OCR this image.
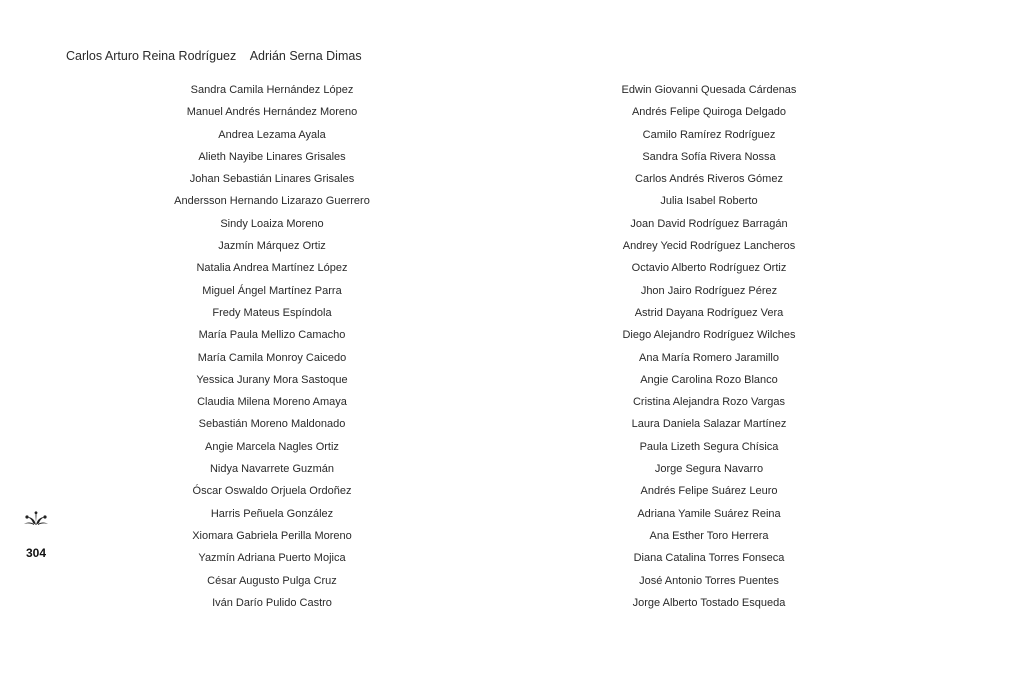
Carlos Arturo Reina Rodríguez Adrián Serna Dimas
Sandra Camila Hernández López
Manuel Andrés Hernández Moreno
Andrea Lezama Ayala
Alieth Nayibe Linares Grisales
Johan Sebastián Linares Grisales
Andersson Hernando Lizarazo Guerrero
Sindy Loaiza Moreno
Jazmín Márquez Ortiz
Natalia Andrea Martínez López
Miguel Ángel Martínez Parra
Fredy Mateus Espíndola
María Paula Mellizo Camacho
María Camila Monroy Caicedo
Yessica Jurany Mora Sastoque
Claudia Milena Moreno Amaya
Sebastián Moreno Maldonado
Angie Marcela Nagles Ortiz
Nidya Navarrete Guzmán
Óscar Oswaldo Orjuela Ordoñez
Harris Peñuela González
Xiomara Gabriela Perilla Moreno
Yazmín Adriana Puerto Mojica
César Augusto Pulga Cruz
Iván Darío Pulido Castro
Edwin Giovanni Quesada Cárdenas
Andrés Felipe Quiroga Delgado
Camilo Ramírez Rodríguez
Sandra Sofía Rivera Nossa
Carlos Andrés Riveros Gómez
Julia Isabel Roberto
Joan David Rodríguez Barragán
Andrey Yecid Rodríguez Lancheros
Octavio Alberto Rodríguez Ortiz
Jhon Jairo Rodríguez Pérez
Astrid Dayana Rodríguez Vera
Diego Alejandro Rodríguez Wilches
Ana María Romero Jaramillo
Angie Carolina Rozo Blanco
Cristina Alejandra Rozo Vargas
Laura Daniela Salazar Martínez
Paula Lizeth Segura Chísica
Jorge Segura Navarro
Andrés Felipe Suárez Leuro
Adriana Yamile Suárez Reina
Ana Esther Toro Herrera
Diana Catalina Torres Fonseca
José Antonio Torres Puentes
Jorge Alberto Tostado Esqueda
304
